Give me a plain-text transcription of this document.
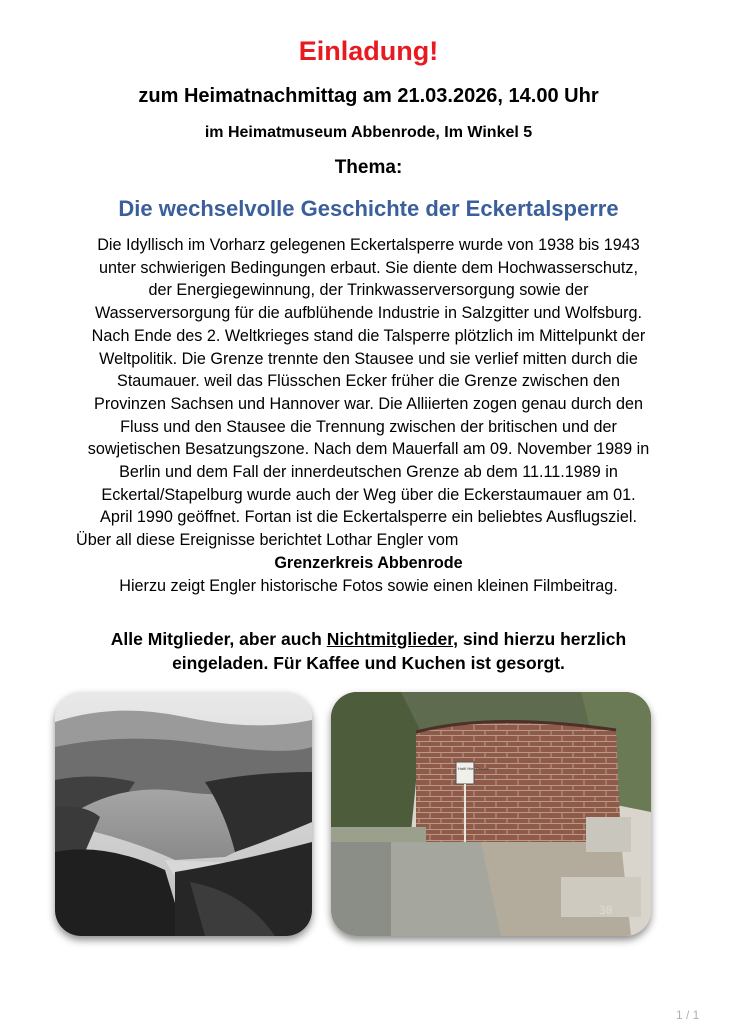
Einladung!
zum Heimatnachmittag am 21.03.2026, 14.00 Uhr
im Heimatmuseum Abbenrode, Im Winkel 5
Thema:
Die wechselvolle Geschichte der Eckertalsperre
Die Idyllisch im Vorharz gelegenen Eckertalsperre wurde von 1938 bis 1943
unter schwierigen Bedingungen erbaut. Sie diente dem Hochwasserschutz,
der Energiegewinnung, der Trinkwasserversorgung sowie der
Wasserversorgung für die aufblühende Industrie in Salzgitter und Wolfsburg.
Nach Ende des 2. Weltkrieges stand die Talsperre plötzlich im Mittelpunkt der
Weltpolitik. Die Grenze trennte den Stausee und sie verlief mitten durch die
Staumauer. weil das Flüsschen Ecker früher die Grenze zwischen den
Provinzen Sachsen und Hannover war. Die Alliierten zogen genau durch den
Fluss und den Stausee die Trennung zwischen der britischen und der
sowjetischen Besatzungszone. Nach dem Mauerfall am 09. November 1989 in
Berlin und dem Fall der innerdeutschen Grenze ab dem 11.11.1989 in
Eckertal/Stapelburg wurde auch der Weg über die Eckerstaumauer am 01.
April 1990 geöffnet. Fortan ist die Eckertalsperre ein beliebtes Ausflugsziel.
Über all diese Ereignisse berichtet Lothar Engler vom
Grenzerkreis Abbenrode
Hierzu zeigt Engler historische Fotos sowie einen kleinen Filmbeitrag.
Alle Mitglieder, aber auch Nichtmitglieder, sind hierzu herzlich
eingeladen. Für Kaffee und Kuchen ist gesorgt.
Halt! Hier Grenze
30
1 / 1
